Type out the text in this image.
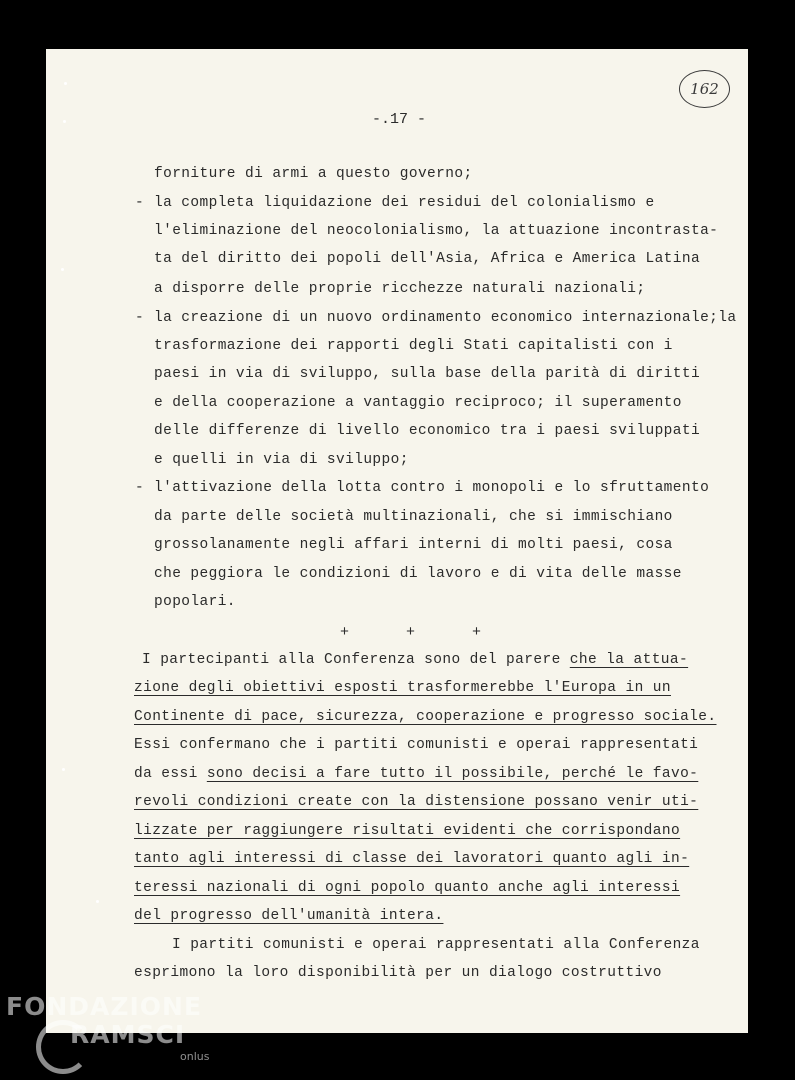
-.17 -
162
forniture di armi a questo governo;
- la completa liquidazione dei residui del colonialismo e
l'eliminazione del neocolonialismo, la attuazione incontrasta-
ta del diritto dei popoli dell'Asia, Africa e America Latina
a disporre delle proprie ricchezze naturali nazionali;
- la creazione di un nuovo ordinamento economico internazionale;la
trasformazione dei rapporti degli Stati capitalisti con i
paesi in via di sviluppo, sulla base della parità di diritti
e della cooperazione a vantaggio reciproco; il superamento
delle differenze di livello economico tra i paesi sviluppati
e quelli in via di sviluppo;
- l'attivazione della lotta contro i monopoli e lo sfruttamento
da parte delle società multinazionali, che si immischiano
grossolanamente negli affari interni di molti paesi, cosa
che peggiora le condizioni di lavoro e di vita delle masse
popolari.
+ + +
I partecipanti alla Conferenza sono del parere che la attua-
zione degli obiettivi esposti trasformerebbe l'Europa in un
Continente di pace, sicurezza, cooperazione e progresso sociale.
Essi confermano che i partiti comunisti e operai rappresentati
da essi sono decisi a fare tutto il possibile, perché le favo-
revoli condizioni create con la distensione possano venir uti-
lizzate per raggiungere risultati evidenti che corrispondano
tanto agli interessi di classe dei lavoratori quanto agli in-
teressi nazionali di ogni popolo quanto anche agli interessi
del progresso dell'umanità intera.
I partiti comunisti e operai rappresentati alla Conferenza
esprimono la loro disponibilità per un dialogo costruttivo
FONDAZIONE
RAMSCI
onlus
